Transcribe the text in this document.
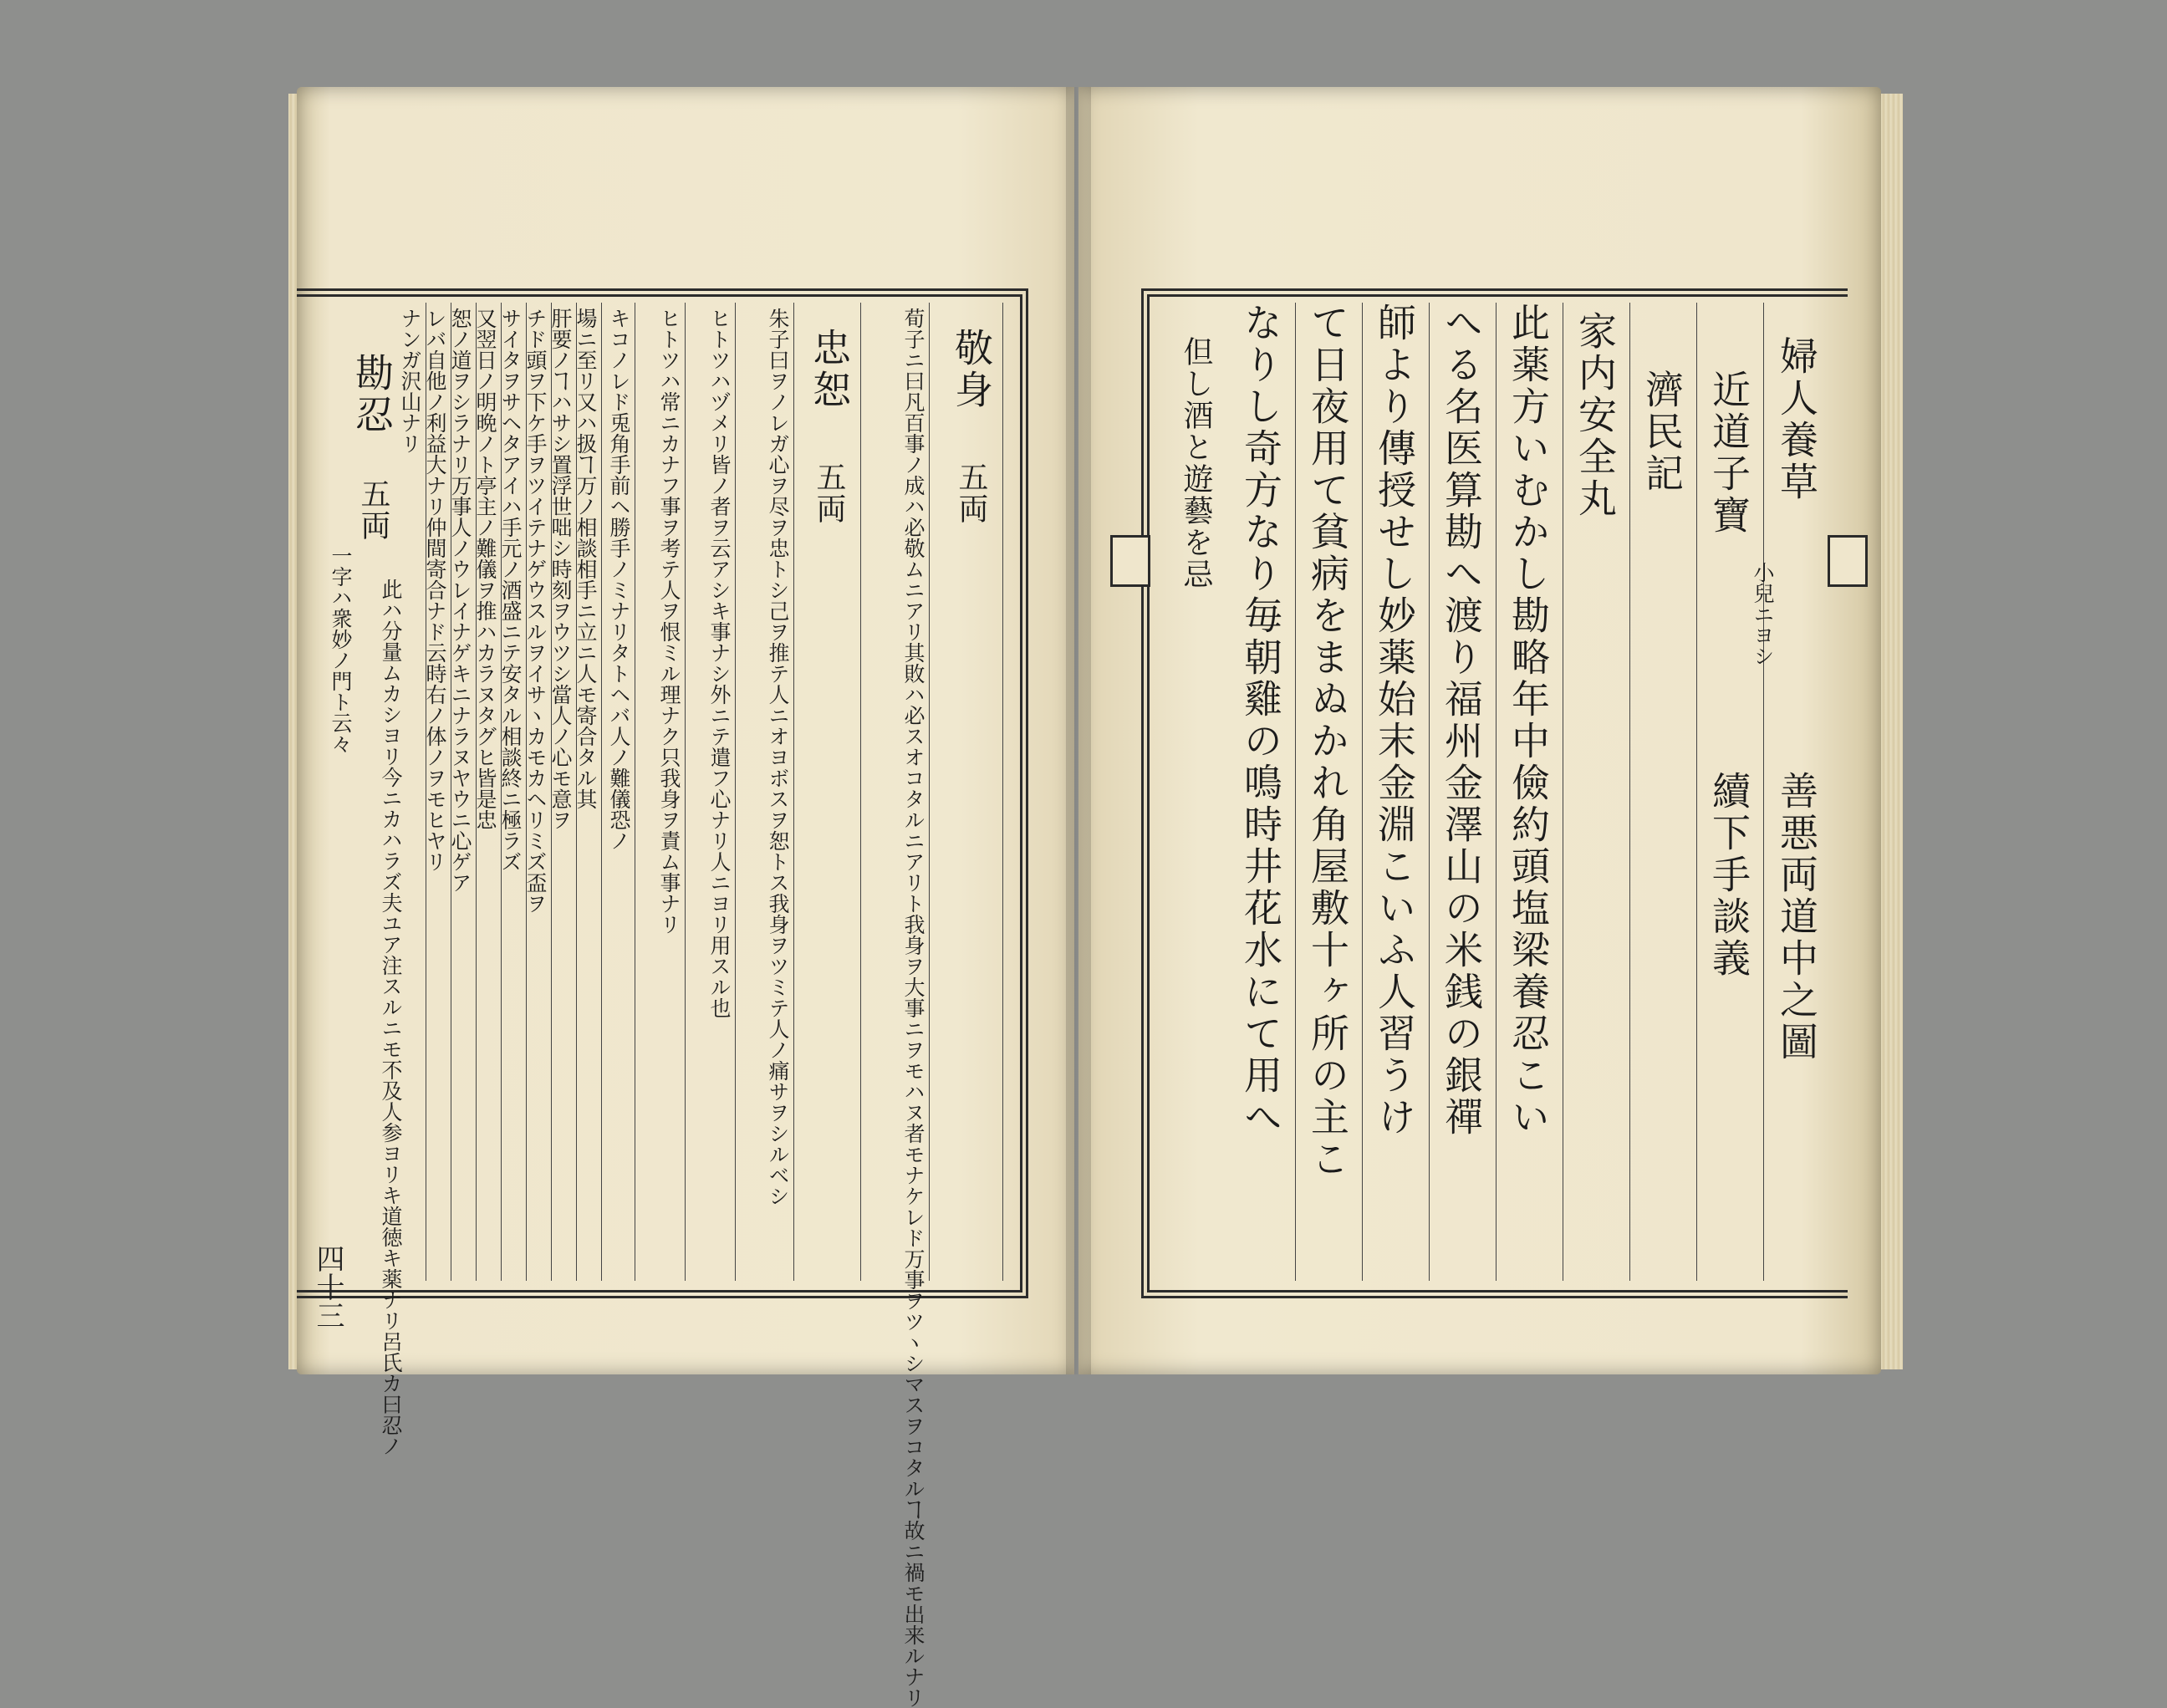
敬身
五両
荀子ニ曰凡百事ノ成ハ必敬ムニアリ其敗ハ必スオコタルニアリト我身ヲ大事ニヲモハヌ者モナケレド万事ヲツヽシマスヲコタルヿ故ニ禍モ出来ルナリ
忠恕
五両
朱子曰ヲノレガ心ヲ尽ヲ忠トシ己ヲ推テ人ニオヨボスヲ恕トス我身ヲツミテ人ノ痛サヲシルベシ
ヒトツハヅメリ皆ノ者ヲ云アシキ事ナシ外ニテ遣フ心ナリ人ニヨリ用スル也
ヒトツハ常ニカナフ事ヲ考テ人ヲ恨ミル理ナク只我身ヲ責ム事ナリ
キコノレド兎角手前ヘ勝手ノミナリタトヘバ人ノ難儀恐ノ
場ニ至リ又ハ扱ヿ万ノ相談相手ニ立ニ人モ寄合タル其
肝要ノヿハサシ置浮世咄シ時刻ヲウツシ當人ノ心モ意ヲ
チド頭ヲ下ケ手ヲツイテナゲウスルヲイサヽカモカヘリミズ盃ヲ
サイタヲサヘタアイハ手元ノ酒盛ニテ安タル相談終ニ極ラズ
又翌日ノ明晩ノト亭主ノ難儀ヲ推ハカラヌタグヒ皆是忠
恕ノ道ヲシラナリ万事人ノウレイナゲキニナラヌヤウニ心ゲア
レバ自他ノ利益大ナリ仲間寄合ナド云時右ノ体ノヲモヒヤリ
ナンガ沢山ナリ
勘忍
五両
此ハ分量ムカシヨリ今ニカハラズ夫ユア注スルニモ不及人参ヨリキ道徳キ薬ナリ呂氏カ曰忍ノ
一字ハ衆妙ノ門ト云々
四十三
善悪両道中之圖
婦人養草
近道子寶
小兒ニヨシ
續下手談義
濟民記
家内安全丸
此薬方いむかし勘略年中儉約頭塩梁養忍こい
へる名医算勘へ渡り福州金澤山の米銭の銀禪
師より傳授せし妙薬始末金淵こいふ人習うけ
て日夜用て貧病をまぬかれ角屋敷十ヶ所の主こ
なりし奇方なり毎朝雞の鳴時井花水にて用へ
但し酒と遊藝を忌
